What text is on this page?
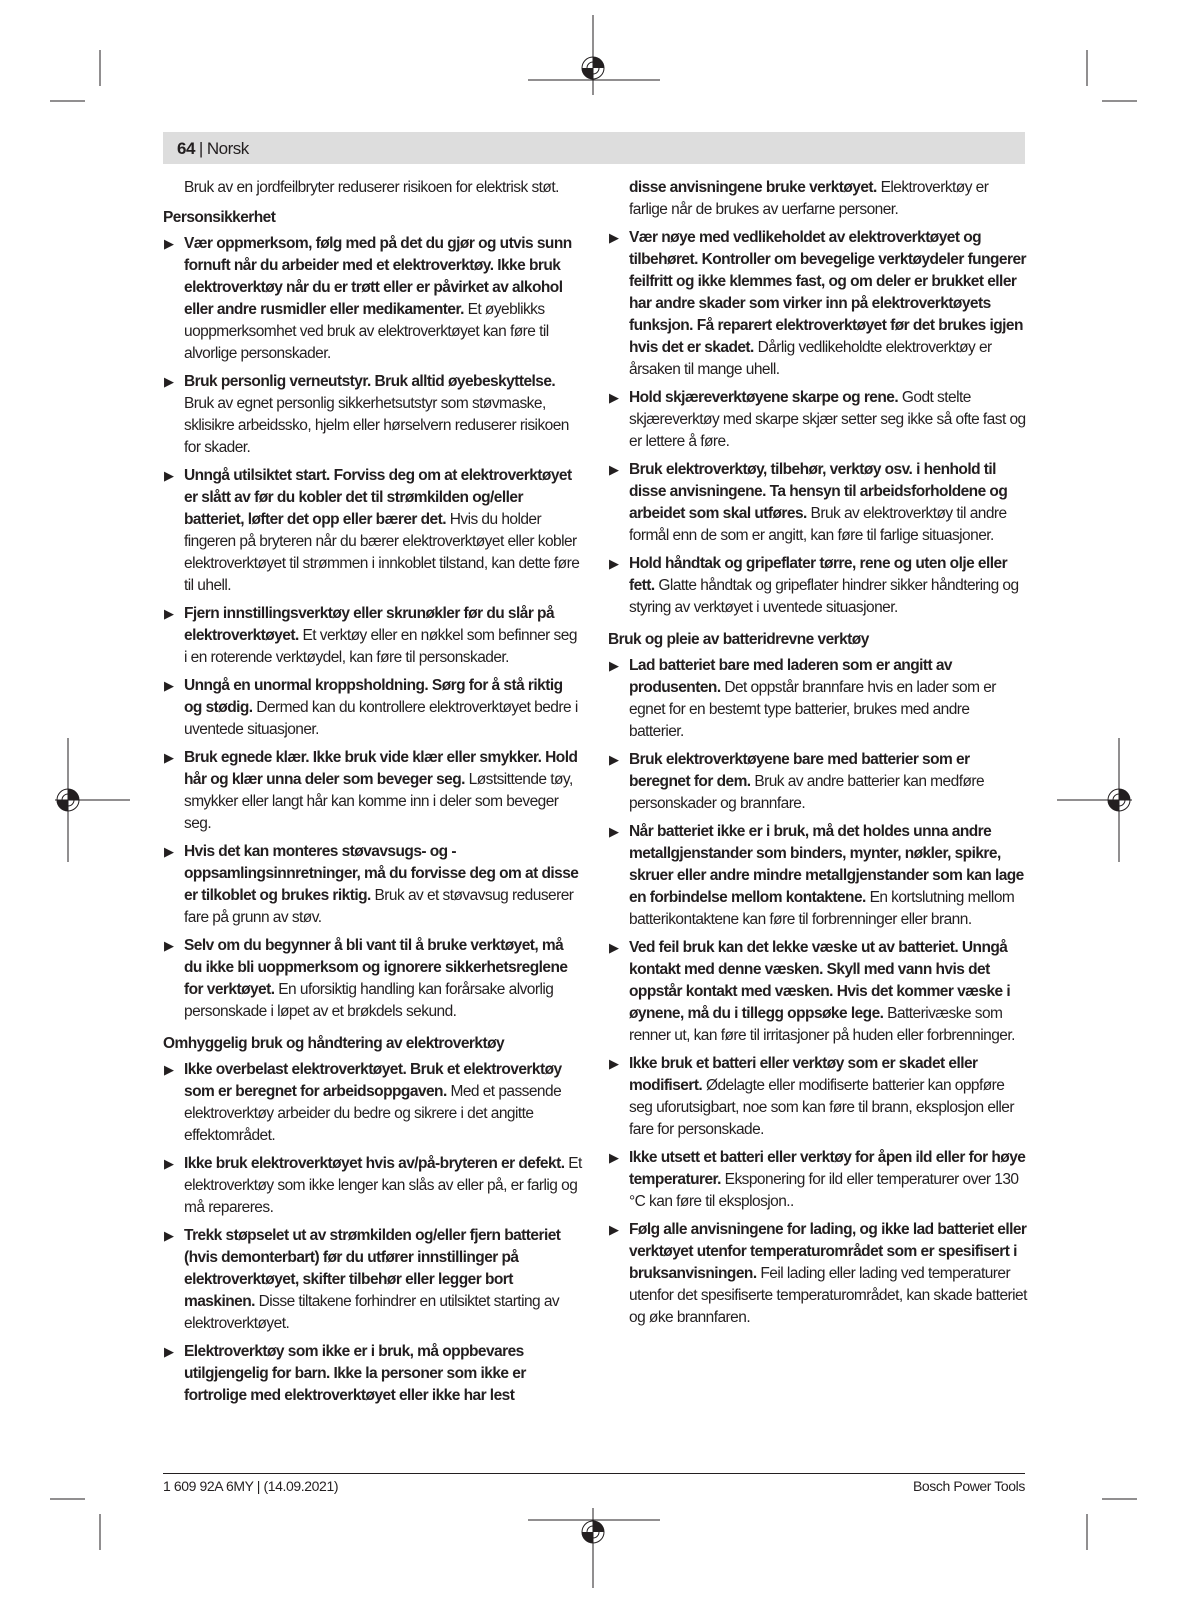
64 | Norsk

Bruk av en jordfeilbryter reduserer risikoen for elektrisk støt.

Personsikkerhet
▶ Vær oppmerksom, følg med på det du gjør og utvis sunn fornuft når du arbeider med et elektroverktøy. Ikke bruk elektroverktøy når du er trøtt eller er påvirket av alkohol eller andre rusmidler eller medikamenter. Et øyeblikks uoppmerksomhet ved bruk av elektroverktøyet kan føre til alvorlige personskader.
▶ Bruk personlig verneutstyr. Bruk alltid øyebeskyttelse. Bruk av egnet personlig sikkerhetsutstyr som støvmaske, sklisikre arbeidssko, hjelm eller hørselvern reduserer risikoen for skader.
▶ Unngå utilsiktet start. Forviss deg om at elektroverktøyet er slått av før du kobler det til strømkilden og/eller batteriet, løfter det opp eller bærer det. Hvis du holder fingeren på bryteren når du bærer elektroverktøyet eller kobler elektroverktøyet til strømmen i innkoblet tilstand, kan dette føre til uhell.
▶ Fjern innstillingsverktøy eller skrunøkler før du slår på elektroverktøyet. Et verktøy eller en nøkkel som befinner seg i en roterende verktøydel, kan føre til personskader.
▶ Unngå en unormal kroppsholdning. Sørg for å stå riktig og stødig. Dermed kan du kontrollere elektroverktøyet bedre i uventede situasjoner.
▶ Bruk egnede klær. Ikke bruk vide klær eller smykker. Hold hår og klær unna deler som beveger seg. Løstsittende tøy, smykker eller langt hår kan komme inn i deler som beveger seg.
▶ Hvis det kan monteres støvavsugs- og -oppsamlingsinnretninger, må du forvisse deg om at disse er tilkoblet og brukes riktig. Bruk av et støvavsug reduserer fare på grunn av støv.
▶ Selv om du begynner å bli vant til å bruke verktøyet, må du ikke bli uoppmerksom og ignorere sikkerhetsreglene for verktøyet. En uforsiktig handling kan forårsake alvorlig personskade i løpet av et brøkdels sekund.
Omhyggelig bruk og håndtering av elektroverktøy
▶ Ikke overbelast elektroverktøyet. Bruk et elektroverktøy som er beregnet for arbeidsoppgaven. Med et passende elektroverktøy arbeider du bedre og sikrere i det angitte effektområdet.
▶ Ikke bruk elektroverktøyet hvis av/på-bryteren er defekt. Et elektroverktøy som ikke lenger kan slås av eller på, er farlig og må repareres.
▶ Trekk støpselet ut av strømkilden og/eller fjern batteriet (hvis demonterbart) før du utfører innstillinger på elektroverktøyet, skifter tilbehør eller legger bort maskinen. Disse tiltakene forhindrer en utilsiktet starting av elektroverktøyet.
▶ Elektroverktøy som ikke er i bruk, må oppbevares utilgjengelig for barn. Ikke la personer som ikke er fortrolige med elektroverktøyet eller ikke har lest

disse anvisningene bruke verktøyet. Elektroverktøy er farlige når de brukes av uerfarne personer.

▶ Vær nøye med vedlikeholdet av elektroverktøyet og tilbehøret. Kontroller om bevegelige verktøydeler fungerer feilfritt og ikke klemmes fast, og om deler er brukket eller har andre skader som virker inn på elektroverktøyets funksjon. Få reparert elektroverktøyet før det brukes igjen hvis det er skadet. Dårlig vedlikeholdte elektroverktøy er årsaken til mange uhell.
▶ Hold skjæreverktøyene skarpe og rene. Godt stelte skjæreverktøy med skarpe skjær setter seg ikke så ofte fast og er lettere å føre.
▶ Bruk elektroverktøy, tilbehør, verktøy osv. i henhold til disse anvisningene. Ta hensyn til arbeidsforholdene og arbeidet som skal utføres. Bruk av elektroverktøy til andre formål enn de som er angitt, kan føre til farlige situasjoner.
▶ Hold håndtak og gripeflater tørre, rene og uten olje eller fett. Glatte håndtak og gripeflater hindrer sikker håndtering og styring av verktøyet i uventede situasjoner.
Bruk og pleie av batteridrevne verktøy
▶ Lad batteriet bare med laderen som er angitt av produsenten. Det oppstår brannfare hvis en lader som er egnet for en bestemt type batterier, brukes med andre batterier.
▶ Bruk elektroverktøyene bare med batterier som er beregnet for dem. Bruk av andre batterier kan medføre personskader og brannfare.
▶ Når batteriet ikke er i bruk, må det holdes unna andre metallgjenstander som binders, mynter, nøkler, spikre, skruer eller andre mindre metallgjenstander som kan lage en forbindelse mellom kontaktene. En kortslutning mellom batterikontaktene kan føre til forbrenninger eller brann.
▶ Ved feil bruk kan det lekke væske ut av batteriet. Unngå kontakt med denne væsken. Skyll med vann hvis det oppstår kontakt med væsken. Hvis det kommer væske i øynene, må du i tillegg oppsøke lege. Batterivæske som renner ut, kan føre til irritasjoner på huden eller forbrenninger.
▶ Ikke bruk et batteri eller verktøy som er skadet eller modifisert. Ødelagte eller modifiserte batterier kan oppføre seg uforutsigbart, noe som kan føre til brann, eksplosjon eller fare for personskade.
▶ Ikke utsett et batteri eller verktøy for åpen ild eller for høye temperaturer. Eksponering for ild eller temperaturer over 130 °C kan føre til eksplosjon..
▶ Følg alle anvisningene for lading, og ikke lad batteriet eller verktøyet utenfor temperaturområdet som er spesifisert i bruksanvisningen. Feil lading eller lading ved temperaturer utenfor det spesifiserte temperaturområdet, kan skade batteriet og øke brannfaren.
1 609 92A 6MY | (14.09.2021)	Bosch Power Tools
